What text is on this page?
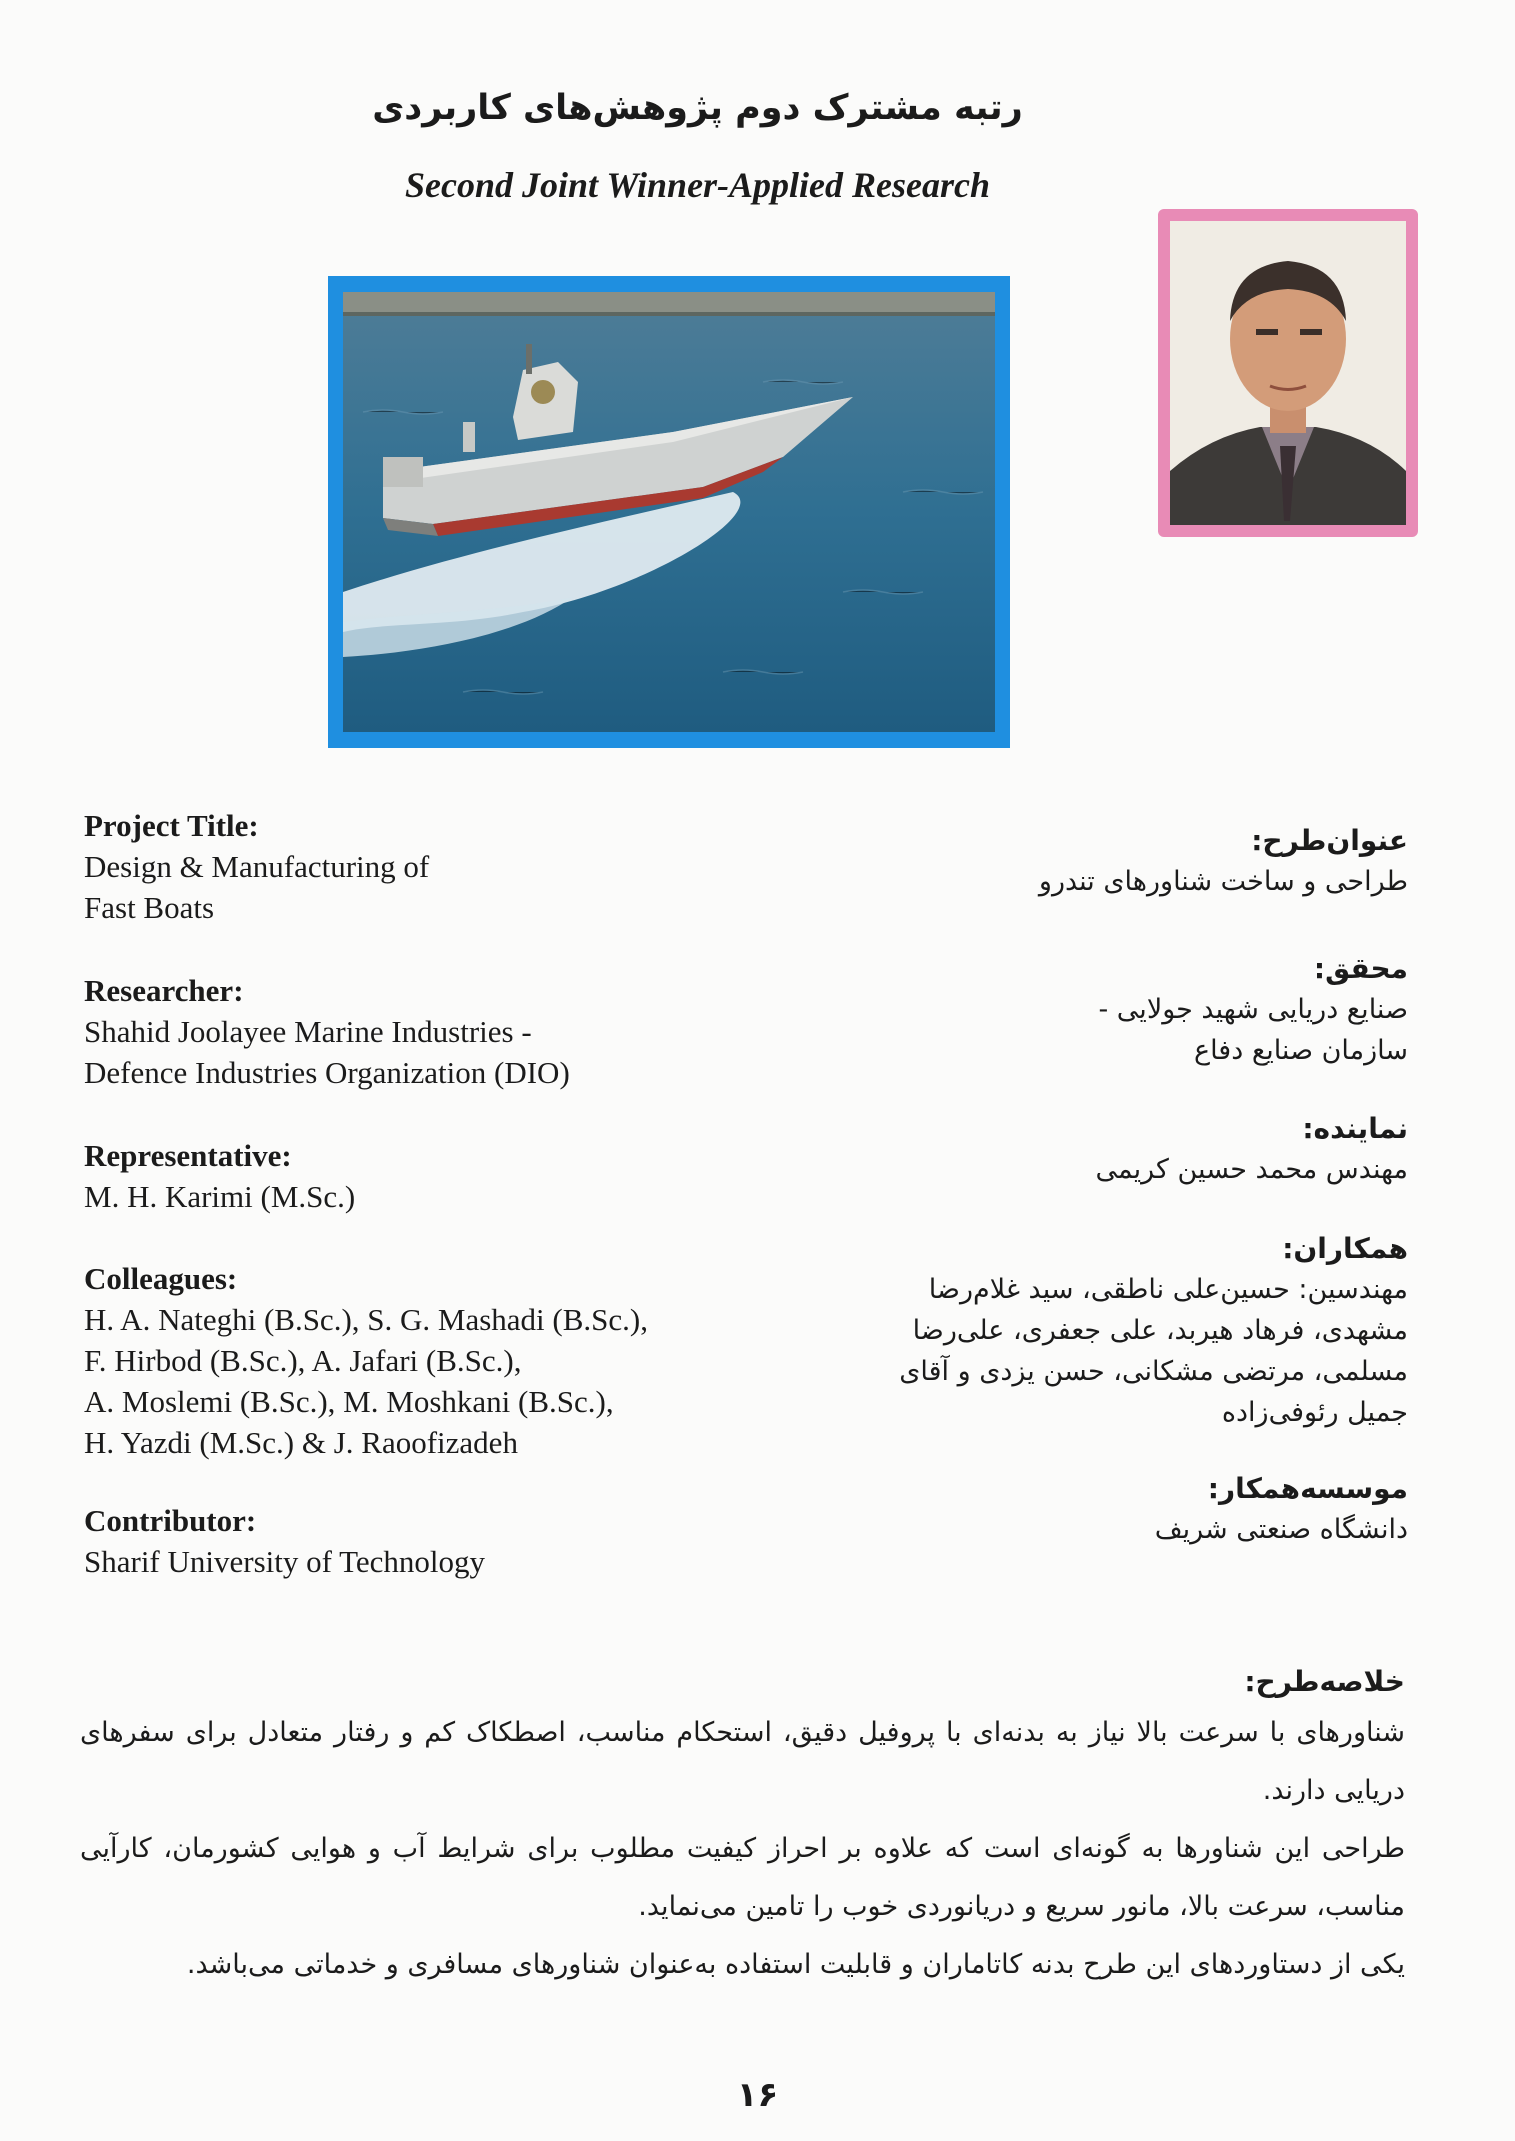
رتبه مشترک دوم پژوهش‌های کاربردی
Second Joint Winner-Applied Research
Project Title:
Design & Manufacturing of
Fast Boats
Researcher:
Shahid Joolayee Marine Industries -
Defence Industries Organization (DIO)
Representative:
M. H. Karimi (M.Sc.)
Colleagues:
H. A. Nateghi (B.Sc.), S. G. Mashadi (B.Sc.),
F. Hirbod (B.Sc.), A. Jafari (B.Sc.),
A. Moslemi (B.Sc.), M. Moshkani (B.Sc.),
H. Yazdi (M.Sc.) & J. Raoofizadeh
Contributor:
Sharif University of Technology
عنوان‌طرح:
طراحی و ساخت شناورهای تندرو
محقق:
صنایع دریایی شهید جولایی -
سازمان صنایع دفاع
نماینده:
مهندس محمد حسین کریمی
همکاران:
مهندسین: حسین‌علی ناطقی، سید غلام‌رضا
مشهدی، فرهاد هیربد، علی جعفری، علی‌رضا
مسلمی، مرتضی مشکانی، حسن یزدی و آقای
جمیل رئوفی‌زاده
موسسه‌همکار:
دانشگاه صنعتی شریف
خلاصه‌طرح:

شناورهای با سرعت بالا نیاز به بدنه‌ای با پروفیل دقیق، استحکام مناسب، اصطکاک کم و رفتار متعادل برای سفرهای دریایی دارند.

طراحی این شناورها به گونه‌ای است که علاوه بر احراز کیفیت مطلوب برای شرایط آب و هوایی کشورمان، کارآیی مناسب، سرعت بالا، مانور سریع و دریانوردی خوب را تامین می‌نماید.

یکی از دستاوردهای این طرح بدنه کاتاماران و قابلیت استفاده به‌عنوان شناورهای مسافری و خدماتی می‌باشد.

۱۶
